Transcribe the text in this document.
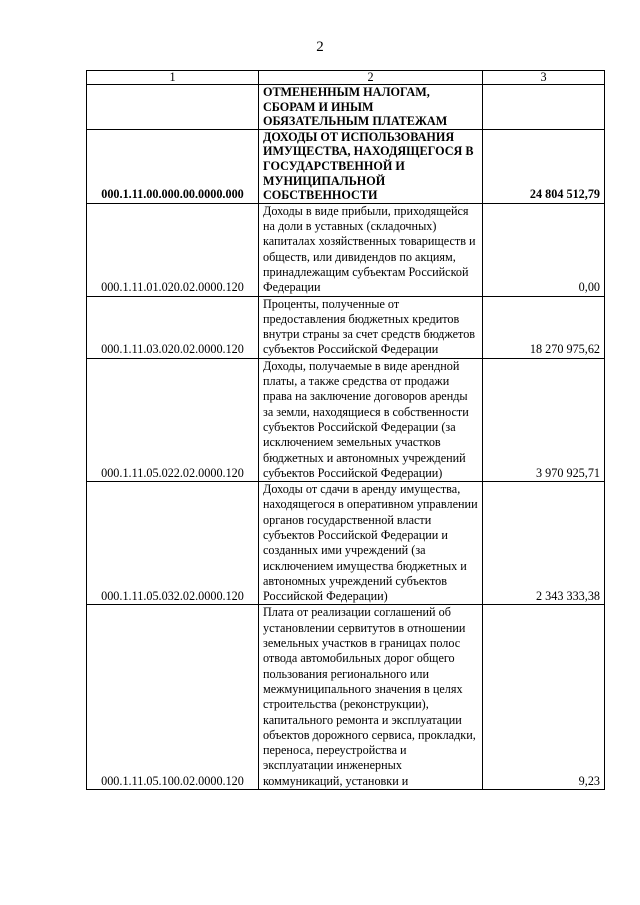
2
1	2	3
	ОТМЕНЕННЫМ НАЛОГАМ, СБОРАМ И ИНЫМ ОБЯЗАТЕЛЬНЫМ ПЛАТЕЖАМ	
000.1.11.00.000.00.0000.000	ДОХОДЫ ОТ ИСПОЛЬЗОВАНИЯ ИМУЩЕСТВА, НАХОДЯЩЕГОСЯ В ГОСУДАРСТВЕННОЙ И МУНИЦИПАЛЬНОЙ СОБСТВЕННОСТИ	24 804 512,79
000.1.11.01.020.02.0000.120	Доходы в виде прибыли, приходящейся на доли в уставных (складочных) капиталах хозяйственных товариществ и обществ, или дивидендов по акциям, принадлежащим субъектам Российской Федерации	0,00
000.1.11.03.020.02.0000.120	Проценты, полученные от предоставления бюджетных кредитов внутри страны за счет средств бюджетов субъектов Российской Федерации	18 270 975,62
000.1.11.05.022.02.0000.120	Доходы, получаемые в виде арендной платы, а также средства от продажи права на заключение договоров аренды за земли, находящиеся в собственности субъектов Российской Федерации (за исключением земельных участков бюджетных и автономных учреждений субъектов Российской Федерации)	3 970 925,71
000.1.11.05.032.02.0000.120	Доходы от сдачи в аренду имущества, находящегося в оперативном управлении органов государственной власти субъектов Российской Федерации и созданных ими учреждений (за исключением имущества бюджетных и автономных учреждений субъектов Российской Федерации)	2 343 333,38
000.1.11.05.100.02.0000.120	Плата от реализации соглашений об установлении сервитутов в отношении земельных участков в границах полос отвода автомобильных дорог общего пользования регионального или межмуниципального значения в целях строительства (реконструкции), капитального ремонта и эксплуатации объектов дорожного сервиса, прокладки, переноса, переустройства и эксплуатации инженерных коммуникаций, установки и	9,23
